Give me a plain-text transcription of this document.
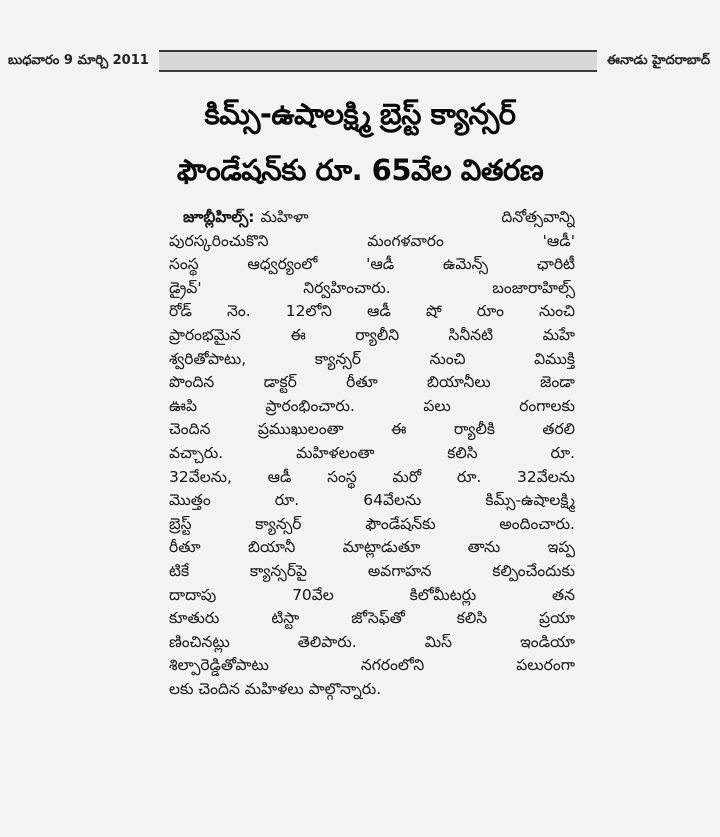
బుధవారం 9 మార్చి 2011	ఈనాడు హైదరాబాద్
కిమ్స్‌-ఉషాలక్ష్మి బ్రెస్ట్‌ క్యాన్సర్‌
ఫౌండేషన్‌కు రూ. 65వేల వితరణ
జూబ్లీహిల్స్‌: మహిళా దినోత్సవాన్ని
పురస్కరించుకొని మంగళవారం 'ఆడీ'
సంస్థ ఆధ్వర్యంలో 'ఆడీ ఉమెన్స్‌ ఛారిటీ
డ్రైవ్‌' నిర్వహించారు. బంజారాహిల్స్‌
రోడ్‌ నెం. 12లోని ఆడీ షో రూం నుంచి
ప్రారంభమైన ఈ ర్యాలీని సినీనటి మహే
శ్వరితోపాటు, క్యాన్సర్‌ నుంచి విముక్తి
పొందిన డాక్టర్‌ రీతూ బియానీలు జెండా
ఊపి ప్రారంభించారు. పలు రంగాలకు
చెందిన ప్రముఖులంతా ఈ ర్యాలీకి తరలి
వచ్చారు. మహిళలంతా కలిసి రూ.
32వేలను, ఆడీ సంస్థ మరో రూ. 32వేలను
మొత్తం రూ. 64వేలను కిమ్స్‌-ఉషాలక్ష్మి
బ్రెస్ట్‌ క్యాన్సర్‌ ఫౌండేషన్‌కు అందించారు.
రీతూ బియానీ మాట్లాడుతూ తాను ఇప్ప
టికే క్యాన్సర్‌పై అవగాహన కల్పించేందుకు
దాదాపు 70వేల కిలోమీటర్లు తన
కూతురు టిస్టా జోసెఫ్‌తో కలిసి ప్రయా
ణించినట్లు తెలిపారు. మిస్‌ ఇండియా
శిల్పారెడ్డితోపాటు నగరంలోని పలురంగా
లకు చెందిన మహిళలు పాల్గొన్నారు.
